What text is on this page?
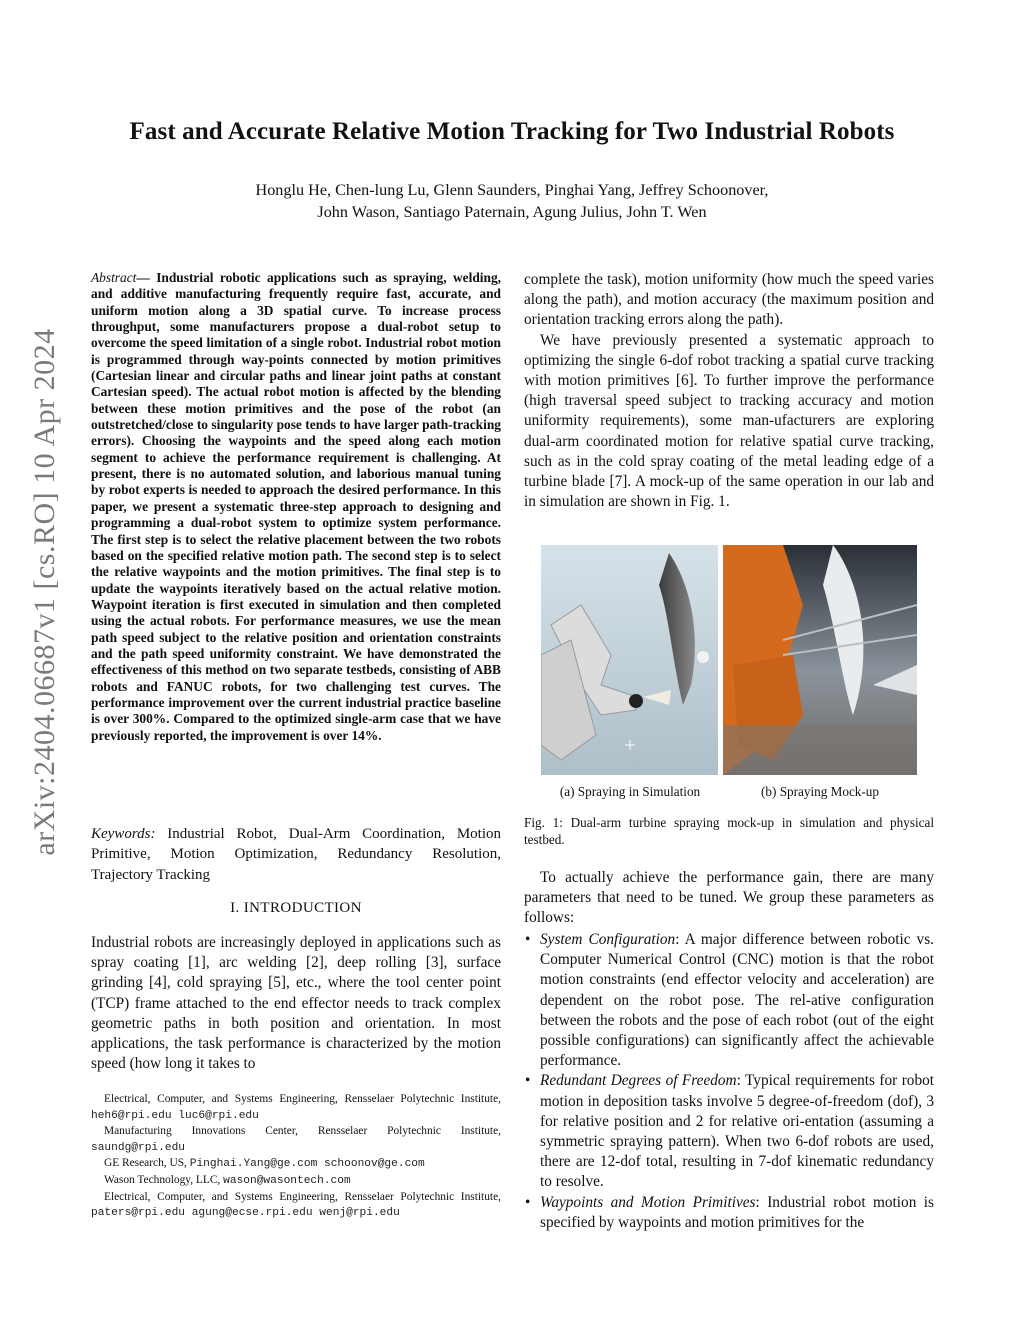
arXiv:2404.06687v1 [cs.RO] 10 Apr 2024
Fast and Accurate Relative Motion Tracking for Two Industrial Robots
Honglu He, Chen-lung Lu, Glenn Saunders, Pinghai Yang, Jeffrey Schoonover,
John Wason, Santiago Paternain, Agung Julius, John T. Wen
Abstract— Industrial robotic applications such as spraying, welding, and additive manufacturing frequently require fast, accurate, and uniform motion along a 3D spatial curve. To increase process throughput, some manufacturers propose a dual-robot setup to overcome the speed limitation of a single robot. Industrial robot motion is programmed through way-points connected by motion primitives (Cartesian linear and circular paths and linear joint paths at constant Cartesian speed). The actual robot motion is affected by the blending between these motion primitives and the pose of the robot (an outstretched/close to singularity pose tends to have larger path-tracking errors). Choosing the waypoints and the speed along each motion segment to achieve the performance requirement is challenging. At present, there is no automated solution, and laborious manual tuning by robot experts is needed to approach the desired performance. In this paper, we present a systematic three-step approach to designing and programming a dual-robot system to optimize system performance. The first step is to select the relative placement between the two robots based on the specified relative motion path. The second step is to select the relative waypoints and the motion primitives. The final step is to update the waypoints iteratively based on the actual relative motion. Waypoint iteration is first executed in simulation and then completed using the actual robots. For performance measures, we use the mean path speed subject to the relative position and orientation constraints and the path speed uniformity constraint. We have demonstrated the effectiveness of this method on two separate testbeds, consisting of ABB robots and FANUC robots, for two challenging test curves. The performance improvement over the current industrial practice baseline is over 300%. Compared to the optimized single-arm case that we have previously reported, the improvement is over 14%.
Keywords: Industrial Robot, Dual-Arm Coordination, Motion Primitive, Motion Optimization, Redundancy Resolution, Trajectory Tracking
I. INTRODUCTION
Industrial robots are increasingly deployed in applications such as spray coating [1], arc welding [2], deep rolling [3], surface grinding [4], cold spraying [5], etc., where the tool center point (TCP) frame attached to the end effector needs to track complex geometric paths in both position and orientation. In most applications, the task performance is characterized by the motion speed (how long it takes to

Electrical, Computer, and Systems Engineering, Rensselaer Polytechnic Institute, heh6@rpi.edu luc6@rpi.edu

Manufacturing Innovations Center, Rensselaer Polytechnic Institute, saundg@rpi.edu

GE Research, US, Pinghai.Yang@ge.com schoonov@ge.com

Wason Technology, LLC, wason@wasontech.com

Electrical, Computer, and Systems Engineering, Rensselaer Polytechnic Institute, paters@rpi.edu agung@ecse.rpi.edu wenj@rpi.edu

complete the task), motion uniformity (how much the speed varies along the path), and motion accuracy (the maximum position and orientation tracking errors along the path).

We have previously presented a systematic approach to optimizing the single 6-dof robot tracking a spatial curve tracking with motion primitives [6]. To further improve the performance (high traversal speed subject to tracking accuracy and motion uniformity requirements), some man-ufacturers are exploring dual-arm coordinated motion for relative spatial curve tracking, such as in the cold spray coating of the metal leading edge of a turbine blade [7]. A mock-up of the same operation in our lab and in simulation are shown in Fig. 1.

(a) Spraying in Simulation	(b) Spraying Mock-up
Fig. 1: Dual-arm turbine spraying mock-up in simulation and physical testbed.

To actually achieve the performance gain, there are many parameters that need to be tuned. We group these parameters as follows:

• System Configuration: A major difference between robotic vs. Computer Numerical Control (CNC) motion is that the robot motion constraints (end effector velocity and acceleration) are dependent on the robot pose. The rel-ative configuration between the robots and the pose of each robot (out of the eight possible configurations) can significantly affect the achievable performance.
• Redundant Degrees of Freedom: Typical requirements for robot motion in deposition tasks involve 5 degree-of-freedom (dof), 3 for relative position and 2 for relative ori-entation (assuming a symmetric spraying pattern). When two 6-dof robots are used, there are 12-dof total, resulting in 7-dof kinematic redundancy to resolve.
• Waypoints and Motion Primitives: Industrial robot motion is specified by waypoints and motion primitives for the
